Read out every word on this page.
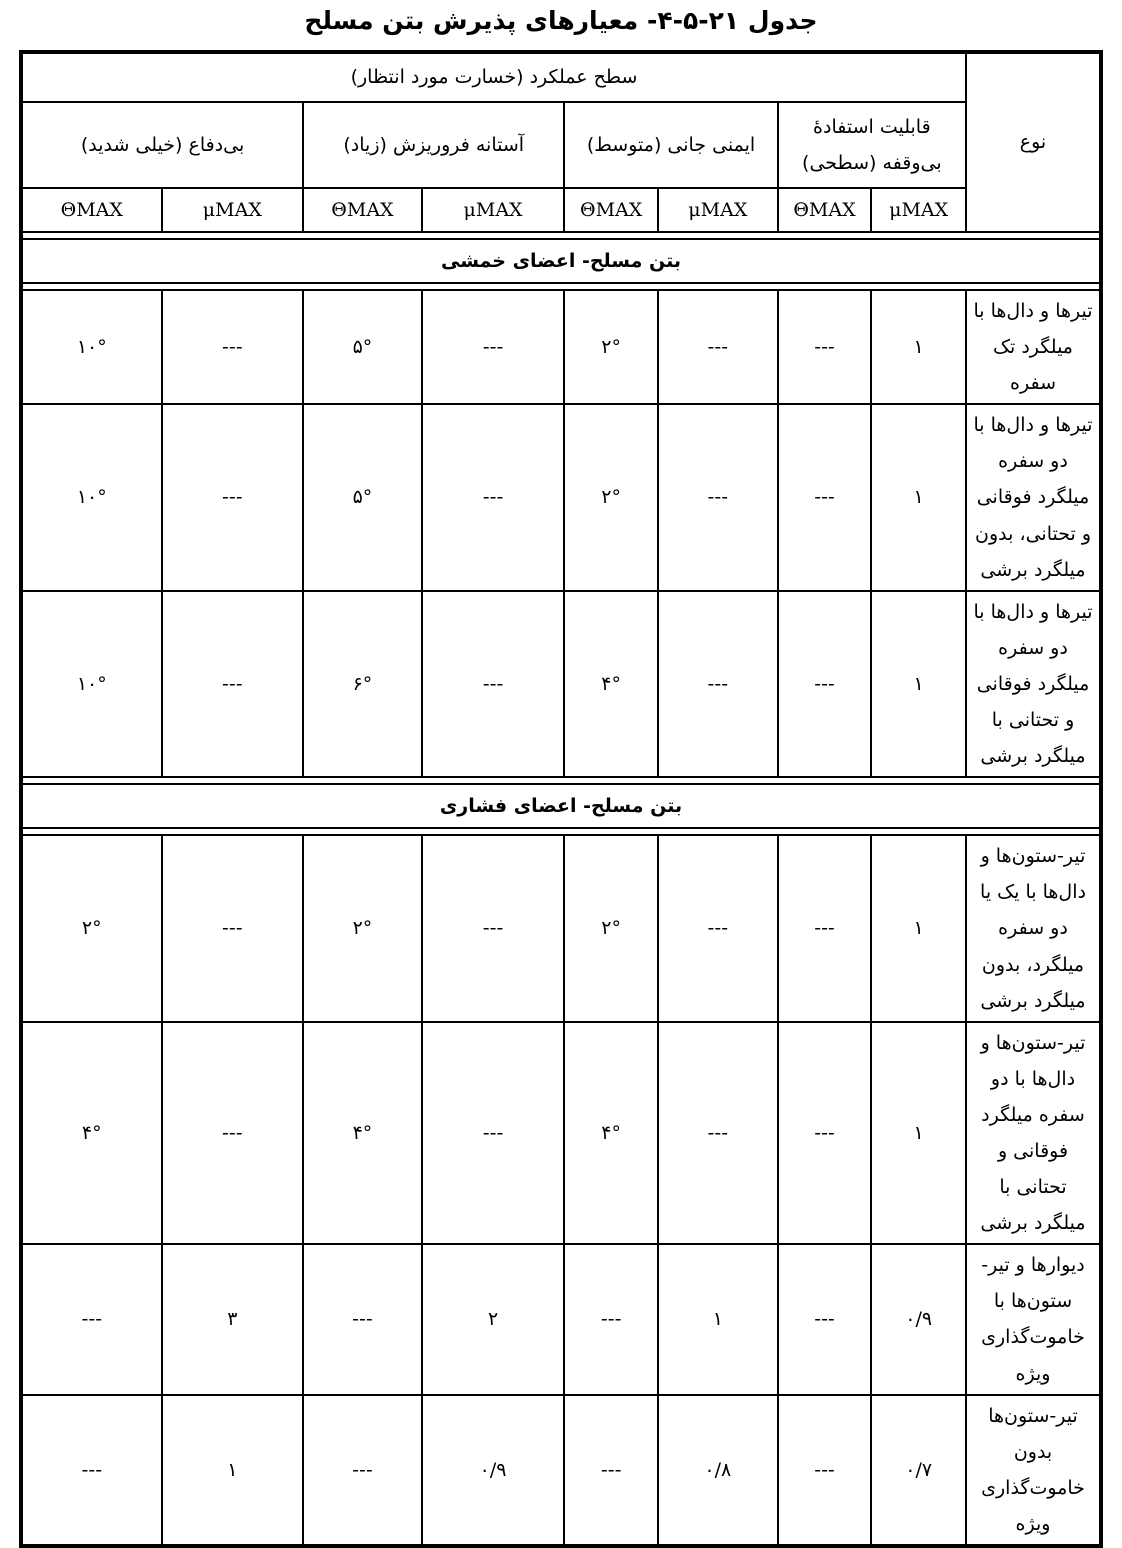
جدول ۲۱-۵-۴- معیارهای پذیرش بتن مسلح
نوع	سطح عملکرد (خسارت مورد انتظار)							
	قابلیت استفادهٔ بی‌وقفه (سطحی)		ایمنی جانی (متوسط)		آستانه فروریزش (زیاد)		بی‌دفاع (خیلی شدید)	
	μMAX	ΘMAX	μMAX	ΘMAX	μMAX	ΘMAX	μMAX	ΘMAX

بتن مسلح- اعضای خمشی								

تیرها و دال‌ها با میلگرد تک سفره	۱	---	---	۲°	---	۵°	---	۱۰°
تیرها و دال‌ها با دو سفره میلگرد فوقانی و تحتانی، بدون میلگرد برشی	۱	---	---	۲°	---	۵°	---	۱۰°
تیرها و دال‌ها با دو سفره میلگرد فوقانی و تحتانی با میلگرد برشی	۱	---	---	۴°	---	۶°	---	۱۰°

بتن مسلح- اعضای فشاری								

تیر-ستون‌ها و دال‌ها با یک یا دو سفره میلگرد، بدون میلگرد برشی	۱	---	---	۲°	---	۲°	---	۲°
تیر-ستون‌ها و دال‌ها با دو سفره میلگرد فوقانی و تحتانی با میلگرد برشی	۱	---	---	۴°	---	۴°	---	۴°
دیوارها و تیر-ستون‌ها با خاموت‌گذاری ویژه	۰/۹	---	۱	---	۲	---	۳	---
تیر-ستون‌ها بدون خاموت‌گذاری ویژه	۰/۷	---	۰/۸	---	۰/۹	---	۱	---
